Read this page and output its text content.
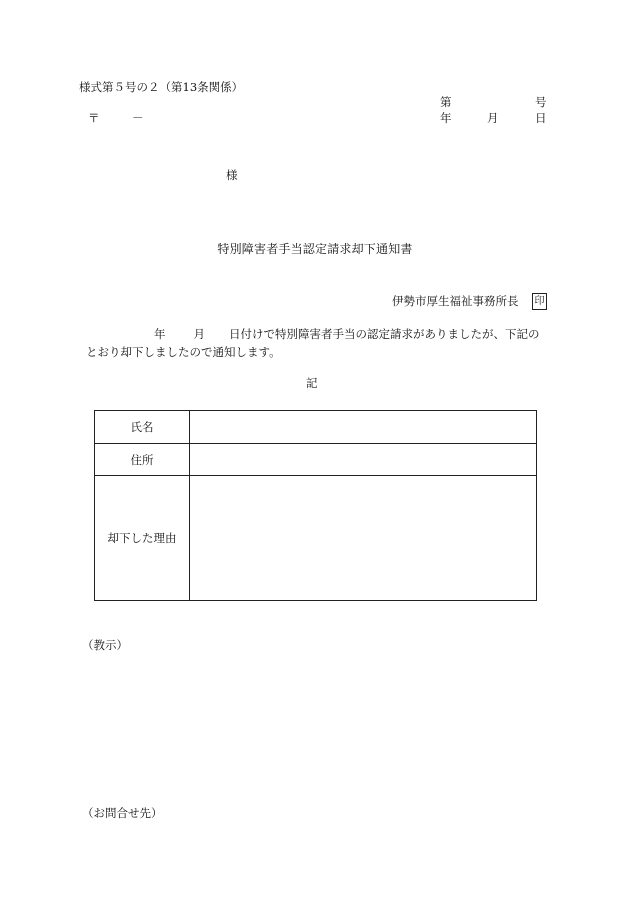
様式第５号の２（第13条関係）
第	号
〒	－	年	月	日
様
特別障害者手当認定請求却下通知書
伊勢市厚生福祉事務所長 印
年 月 日付けで特別障害者手当の認定請求がありましたが、下記の
とおり却下しましたので通知します。
記
氏名	
住所	
却下した理由	
（教示）
（お問合せ先）
